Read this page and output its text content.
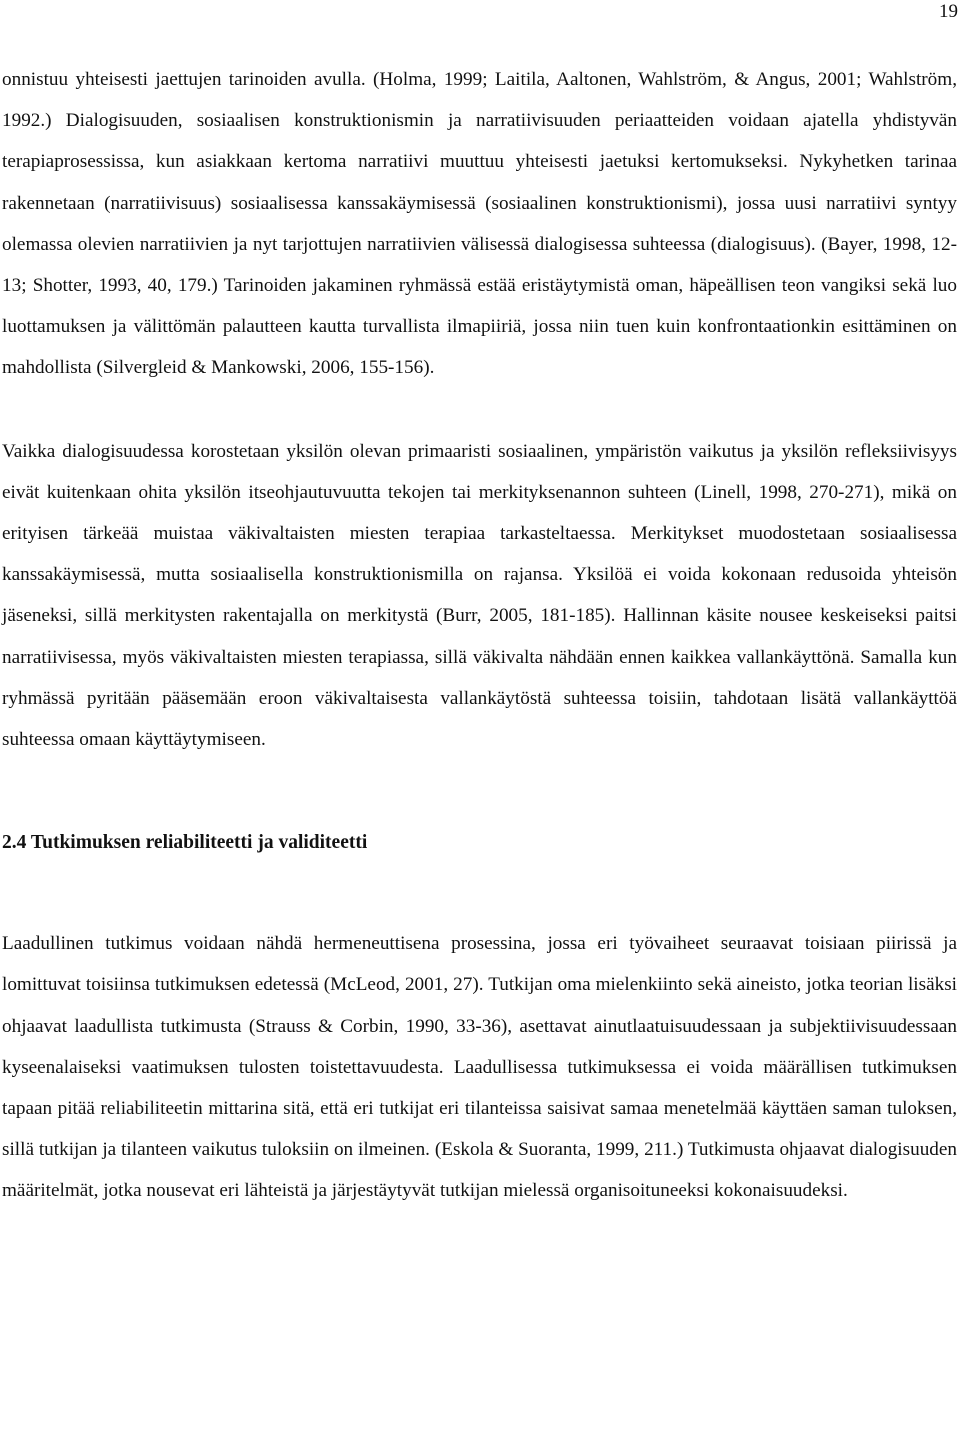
19

onnistuu yhteisesti jaettujen tarinoiden avulla. (Holma, 1999; Laitila, Aaltonen, Wahlström, & Angus, 2001; Wahlström, 1992.) Dialogisuuden, sosiaalisen konstruktionismin ja narratiivisuuden periaatteiden voidaan ajatella yhdistyvän terapiaprosessissa, kun asiakkaan kertoma narratiivi muuttuu yhteisesti jaetuksi kertomukseksi. Nykyhetken tarinaa rakennetaan (narratiivisuus) sosiaalisessa kanssakäymisessä (sosiaalinen konstruktionismi), jossa uusi narratiivi syntyy olemassa olevien narratiivien ja nyt tarjottujen narratiivien välisessä dialogisessa suhteessa (dialogisuus). (Bayer, 1998, 12-13; Shotter, 1993, 40, 179.) Tarinoiden jakaminen ryhmässä estää eristäytymistä oman, häpeällisen teon vangiksi sekä luo luottamuksen ja välittömän palautteen kautta turvallista ilmapiiriä, jossa niin tuen kuin konfrontaationkin esittäminen on mahdollista (Silvergleid & Mankowski, 2006, 155-156).

Vaikka dialogisuudessa korostetaan yksilön olevan primaaristi sosiaalinen, ympäristön vaikutus ja yksilön refleksiivisyys eivät kuitenkaan ohita yksilön itseohjautuvuutta tekojen tai merkityksenannon suhteen (Linell, 1998, 270-271), mikä on erityisen tärkeää muistaa väkivaltaisten miesten terapiaa tarkasteltaessa. Merkitykset muodostetaan sosiaalisessa kanssakäymisessä, mutta sosiaalisella konstruktionismilla on rajansa. Yksilöä ei voida kokonaan redusoida yhteisön jäseneksi, sillä merkitysten rakentajalla on merkitystä (Burr, 2005, 181-185). Hallinnan käsite nousee keskeiseksi paitsi narratiivisessa, myös väkivaltaisten miesten terapiassa, sillä väkivalta nähdään ennen kaikkea vallankäyttönä. Samalla kun ryhmässä pyritään pääsemään eroon väkivaltaisesta vallankäytöstä suhteessa toisiin, tahdotaan lisätä vallankäyttöä suhteessa omaan käyttäytymiseen.

2.4 Tutkimuksen reliabiliteetti ja validiteetti

Laadullinen tutkimus voidaan nähdä hermeneuttisena prosessina, jossa eri työvaiheet seuraavat toisiaan piirissä ja lomittuvat toisiinsa tutkimuksen edetessä (McLeod, 2001, 27). Tutkijan oma mielenkiinto sekä aineisto, jotka teorian lisäksi ohjaavat laadullista tutkimusta (Strauss & Corbin, 1990, 33-36), asettavat ainutlaatuisuudessaan ja subjektiivisuudessaan kyseenalaiseksi vaatimuksen tulosten toistettavuudesta. Laadullisessa tutkimuksessa ei voida määrällisen tutkimuksen tapaan pitää reliabiliteetin mittarina sitä, että eri tutkijat eri tilanteissa saisivat samaa menetelmää käyttäen saman tuloksen, sillä tutkijan ja tilanteen vaikutus tuloksiin on ilmeinen. (Eskola & Suoranta, 1999, 211.) Tutkimusta ohjaavat dialogisuuden määritelmät, jotka nousevat eri lähteistä ja järjestäytyvät tutkijan mielessä organisoituneeksi kokonaisuudeksi.
